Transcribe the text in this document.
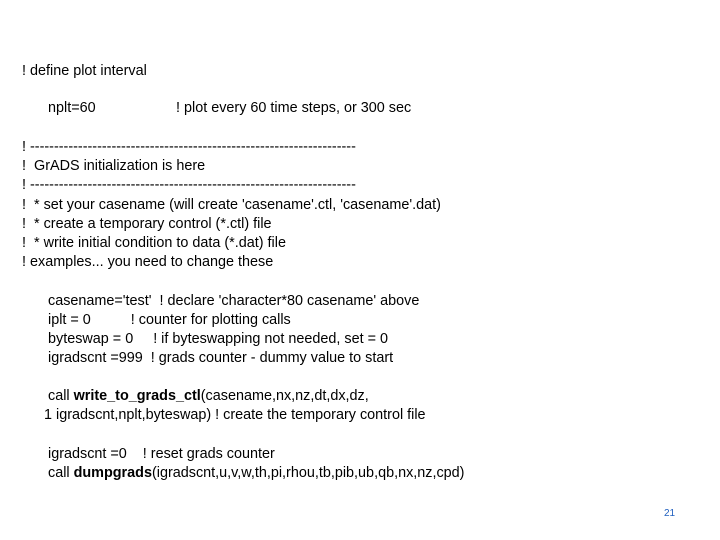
! define plot interval
nplt=60	! plot every 60 time steps, or 300 sec
! --------------------------------------------------------------------
!  GrADS initialization is here
! --------------------------------------------------------------------
!  * set your casename (will create 'casename'.ctl, 'casename'.dat)
!  * create a temporary control (*.ctl) file
!  * write initial condition to data (*.dat) file
! examples... you need to change these
casename='test'  ! declare 'character*80 casename' above
iplt = 0          ! counter for plotting calls
byteswap = 0     ! if byteswapping not needed, set = 0
igradscnt =999  ! grads counter - dummy value to start
call write_to_grads_ctl(casename,nx,nz,dt,dx,dz,
1 igradscnt,nplt,byteswap) ! create the temporary control file
igradscnt =0    ! reset grads counter
call dumpgrads(igradscnt,u,v,w,th,pi,rhou,tb,pib,ub,qb,nx,nz,cpd)
21
